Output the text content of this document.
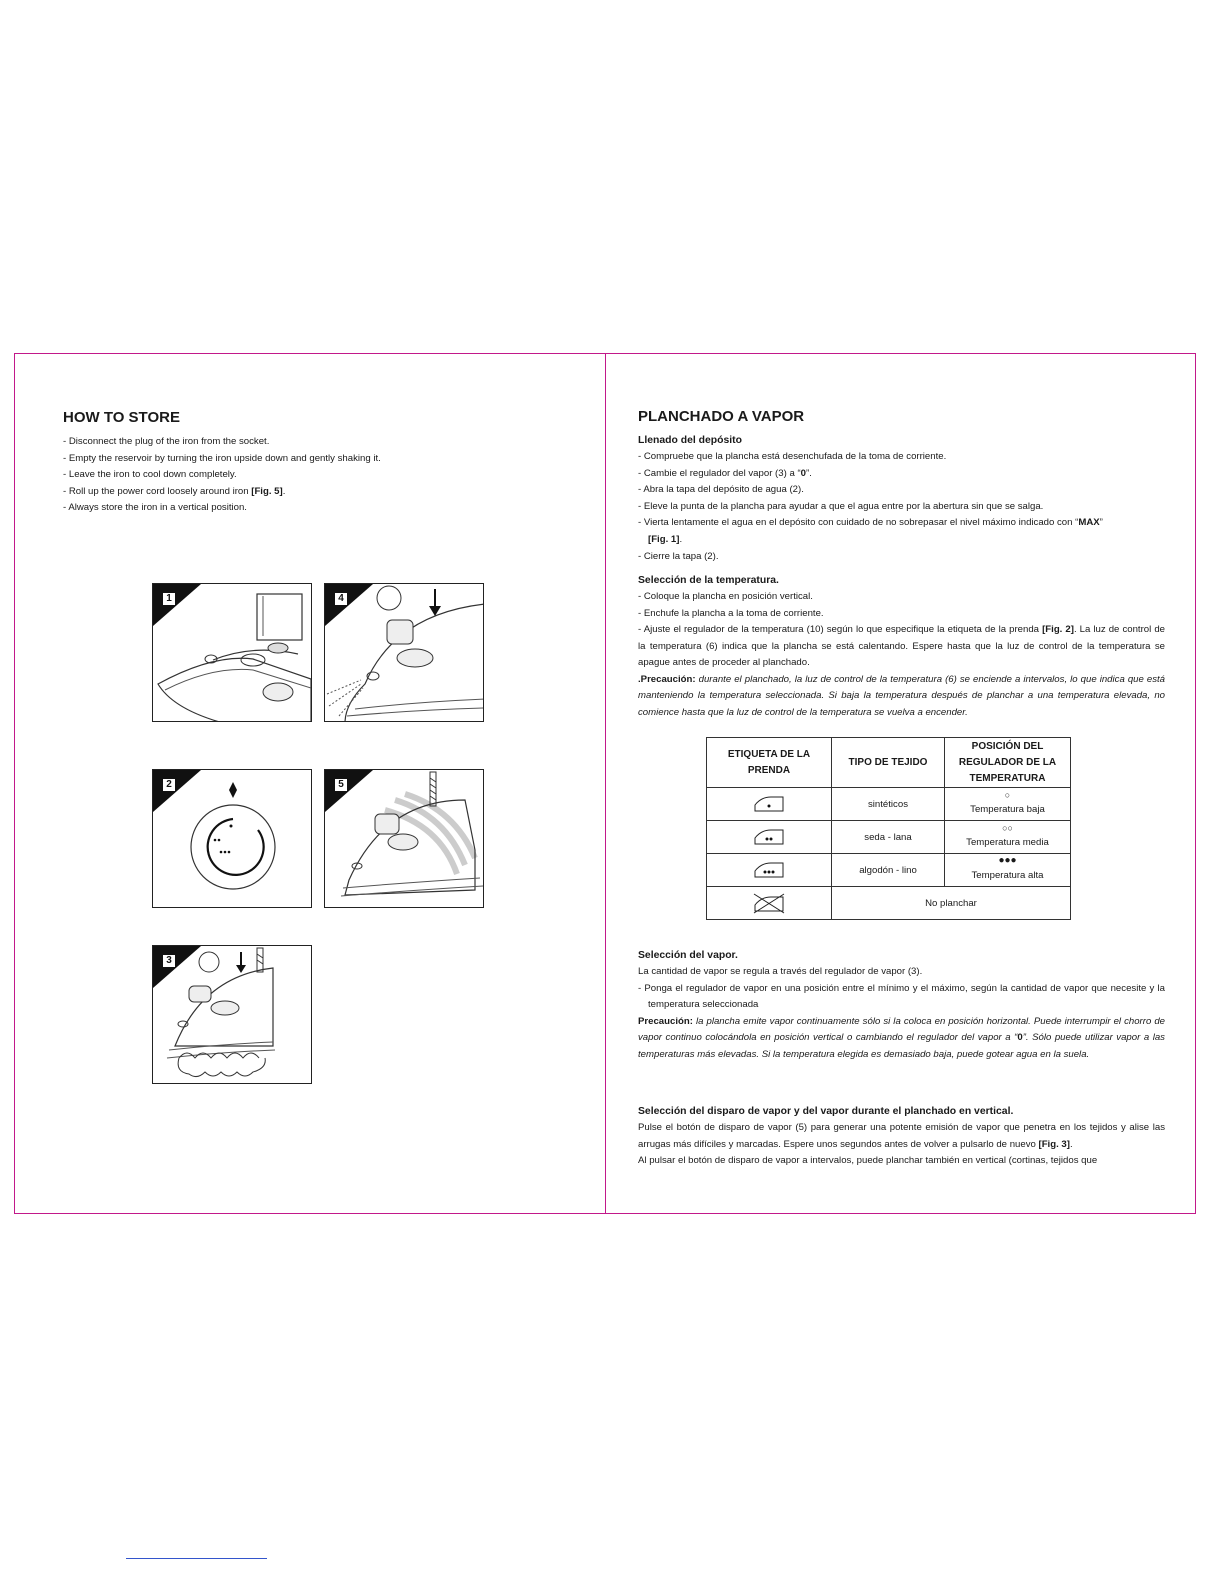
HOW TO STORE
- Disconnect the plug of the iron from the socket.
- Empty the reservoir by turning the iron upside down and gently shaking it.
- Leave the iron to cool down completely.
- Roll up the power cord loosely around iron [Fig. 5].
- Always store the iron in a vertical position.
1	4
2	5
3
PLANCHADO A VAPOR
Llenado del depósito
- Compruebe que la plancha está desenchufada de la toma de corriente.
- Cambie el regulador del vapor (3) a “0”.
- Abra la tapa del depósito de agua (2).
- Eleve la punta de la plancha para ayudar a que el agua entre por la abertura sin que se salga.
- Vierta lentamente el agua en el depósito con cuidado de no sobrepasar el nivel máximo indicado con “MAX”
[Fig. 1].
- Cierre la tapa (2).
Selección de la temperatura.
- Coloque la plancha en posición vertical.
- Enchufe la plancha a la toma de corriente.
- Ajuste el regulador de la temperatura (10) según lo que especifique la etiqueta de la prenda [Fig. 2]. La luz de control de la temperatura (6) indica que la plancha se está calentando. Espere hasta que la luz de control de la temperatura se apague antes de proceder al planchado.
.Precaución: durante el planchado, la luz de control de la temperatura (6) se enciende a intervalos, lo que indica que está manteniendo la temperatura seleccionada. Si baja la temperatura después de planchar a una temperatura elevada, no comience hasta que la luz de control de la temperatura se vuelva a encender.
ETIQUETA DE LA PRENDA	TIPO DE TEJIDO	POSICIÓN DEL REGULADOR DE LA TEMPERATURA

	sintéticos	○
Temperatura baja

	seda - lana	○○
Temperatura media

	algodón - lino	●●●
Temperatura alta

	No planchar	
Selección del vapor.
La cantidad de vapor se regula a través del regulador de vapor (3).
- Ponga el regulador de vapor en una posición entre el mínimo y el máximo, según la cantidad de vapor que necesite y la temperatura seleccionada
Precaución: la plancha emite vapor continuamente sólo si la coloca en posición horizontal. Puede interrumpir el chorro de vapor continuo colocándola en posición vertical o cambiando el regulador del vapor a “0”. Sólo puede utilizar vapor a las temperaturas más elevadas. Si la temperatura elegida es demasiado baja, puede gotear agua en la suela.
Selección del disparo de vapor y del vapor durante el planchado en vertical.
Pulse el botón de disparo de vapor (5) para generar una potente emisión de vapor que penetra en los tejidos y alise las arrugas más difíciles y marcadas. Espere unos segundos antes de volver a pulsarlo de nuevo [Fig. 3].
Al pulsar el botón de disparo de vapor a intervalos, puede planchar también en vertical (cortinas, tejidos que
